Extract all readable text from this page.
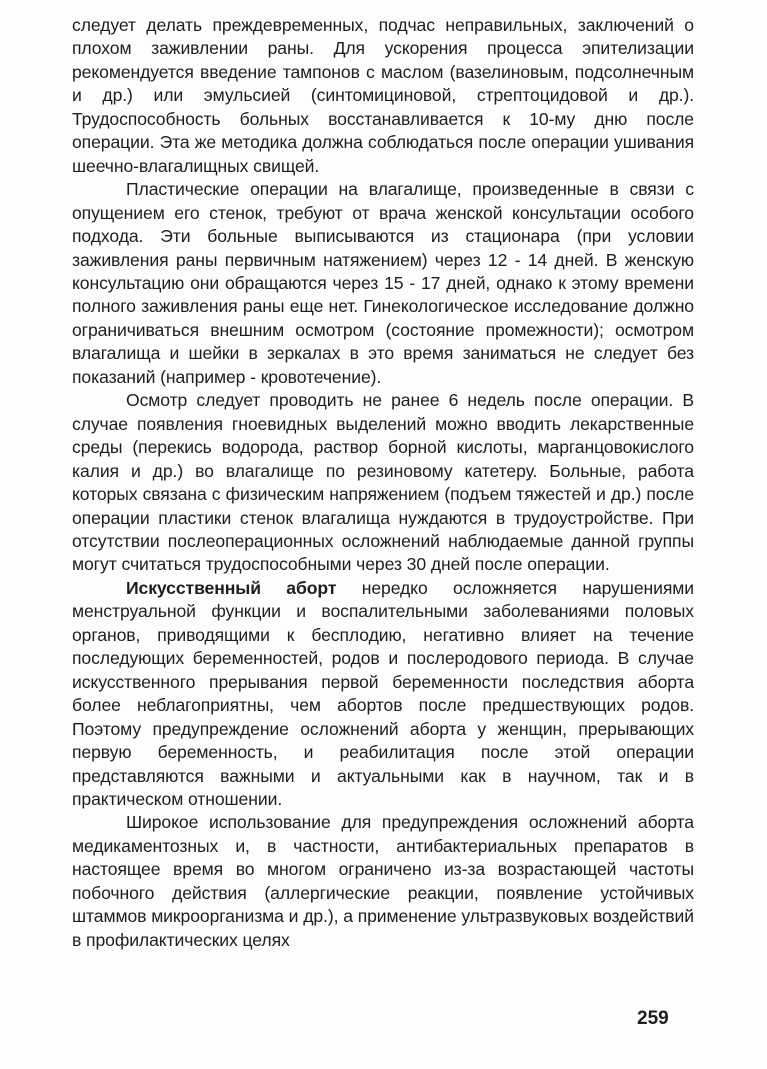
следует делать преждевременных, подчас неправильных, заключений о плохом заживлении раны. Для ускорения процесса эпителизации рекомендуется введение тампонов с маслом (вазелиновым, подсолнечным и др.) или эмульсией (синтомициновой, стрептоцидовой и др.). Трудоспособность больных восстанавливается к 10-му дню после операции. Эта же методика должна соблюдаться после операции ушивания шеечно-влагалищных свищей.

Пластические операции на влагалище, произведенные в связи с опущением его стенок, требуют от врача женской консультации особого подхода. Эти больные выписываются из стационара (при условии заживления раны первичным натяжением) через 12 - 14 дней. В женскую консультацию они обращаются через 15 - 17 дней, однако к этому времени полного заживления раны еще нет. Гинекологическое исследование должно ограничиваться внешним осмотром (состояние промежности); осмотром влагалища и шейки в зеркалах в это время заниматься не следует без показаний (например - кровотечение).

Осмотр следует проводить не ранее 6 недель после операции. В случае появления гноевидных выделений можно вводить лекарственные среды (перекись водорода, раствор борной кислоты, марганцовокислого калия и др.) во влагалище по резиновому катетеру. Больные, работа которых связана с физическим напряжением (подъем тяжестей и др.) после операции пластики стенок влагалища нуждаются в трудоустройстве. При отсутствии послеоперационных осложнений наблюдаемые данной группы могут считаться трудоспособными через 30 дней после операции.

Искусственный аборт нередко осложняется нарушениями менструальной функции и воспалительными заболеваниями половых органов, приводящими к бесплодию, негативно влияет на течение последующих беременностей, родов и послеродового периода. В случае искусственного прерывания первой беременности последствия аборта более неблагоприятны, чем абортов после предшествующих родов. Поэтому предупреждение осложнений аборта у женщин, прерывающих первую беременность, и реабилитация после этой операции представляются важными и актуальными как в научном, так и в практическом отношении.

Широкое использование для предупреждения осложнений аборта медикаментозных и, в частности, антибактериальных препаратов в настоящее время во многом ограничено из-за возрастающей частоты побочного действия (аллергические реакции, появление устойчивых штаммов микроорганизма и др.), а применение ультразвуковых воздействий в профилактических целях

259
